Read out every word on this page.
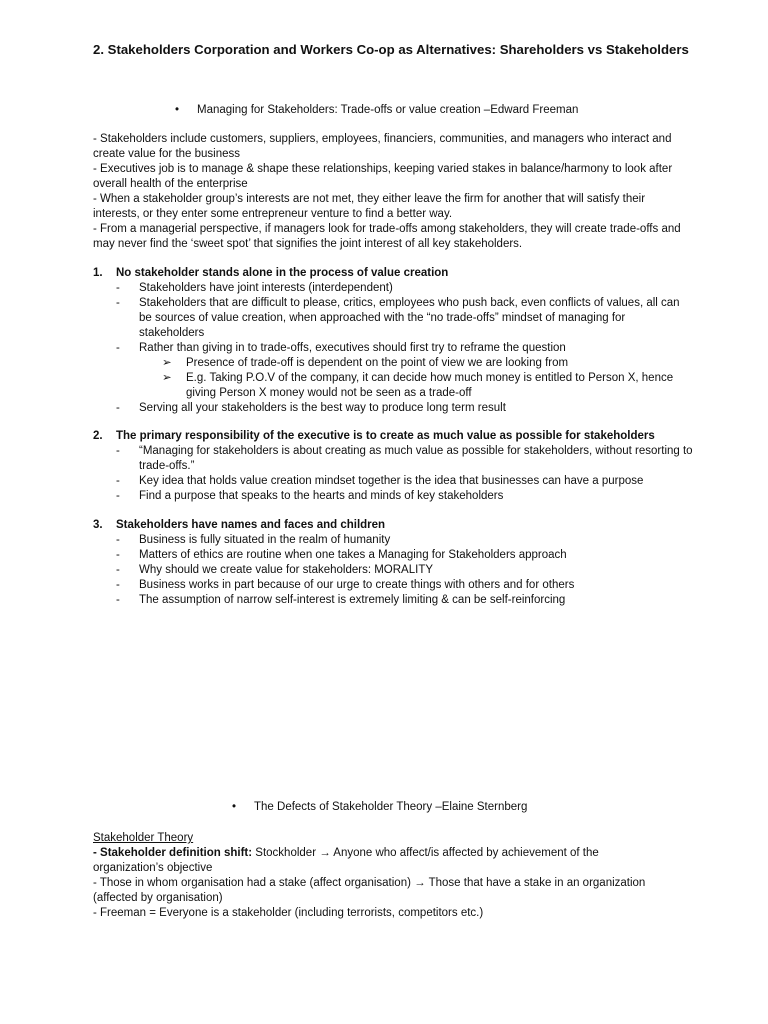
2. Stakeholders Corporation and Workers Co-op as Alternatives: Shareholders vs Stakeholders
• Managing for Stakeholders: Trade-offs or value creation –Edward Freeman

- Stakeholders include customers, suppliers, employees, financiers, communities, and managers who interact and create value for the business

- Executives job is to manage & shape these relationships, keeping varied stakes in balance/harmony to look after overall health of the enterprise

- When a stakeholder group’s interests are not met, they either leave the firm for another that will satisfy their interests, or they enter some entrepreneur venture to find a better way.

- From a managerial perspective, if managers look for trade-offs among stakeholders, they will create trade-offs and may never find the ‘sweet spot’ that signifies the joint interest of all key stakeholders.

1.	No stakeholder stands alone in the process of value creation
-	Stakeholders have joint interests (interdependent)
-	Stakeholders that are difficult to please, critics, employees who push back, even conflicts of values, all can be sources of value creation, when approached with the “no trade-offs” mindset of managing for stakeholders
-	Rather than giving in to trade-offs, executives should first try to reframe the question
➢	Presence of trade-off is dependent on the point of view we are looking from
➢	E.g. Taking P.O.V of the company, it can decide how much money is entitled to Person X, hence giving Person X money would not be seen as a trade-off
-	Serving all your stakeholders is the best way to produce long term result
2.	The primary responsibility of the executive is to create as much value as possible for stakeholders
-	“Managing for stakeholders is about creating as much value as possible for stakeholders, without resorting to trade-offs.”
-	Key idea that holds value creation mindset together is the idea that businesses can have a purpose
-	Find a purpose that speaks to the hearts and minds of key stakeholders
3.	Stakeholders have names and faces and children
-	Business is fully situated in the realm of humanity
-	Matters of ethics are routine when one takes a Managing for Stakeholders approach
-	Why should we create value for stakeholders: MORALITY
-	Business works in part because of our urge to create things with others and for others
-	The assumption of narrow self-interest is extremely limiting & can be self-reinforcing
• The Defects of Stakeholder Theory –Elaine Sternberg

Stakeholder Theory

- Stakeholder definition shift: Stockholder → Anyone who affect/is affected by achievement of the organization’s objective

- Those in whom organisation had a stake (affect organisation) → Those that have a stake in an organization (affected by organisation)

- Freeman = Everyone is a stakeholder (including terrorists, competitors etc.)
